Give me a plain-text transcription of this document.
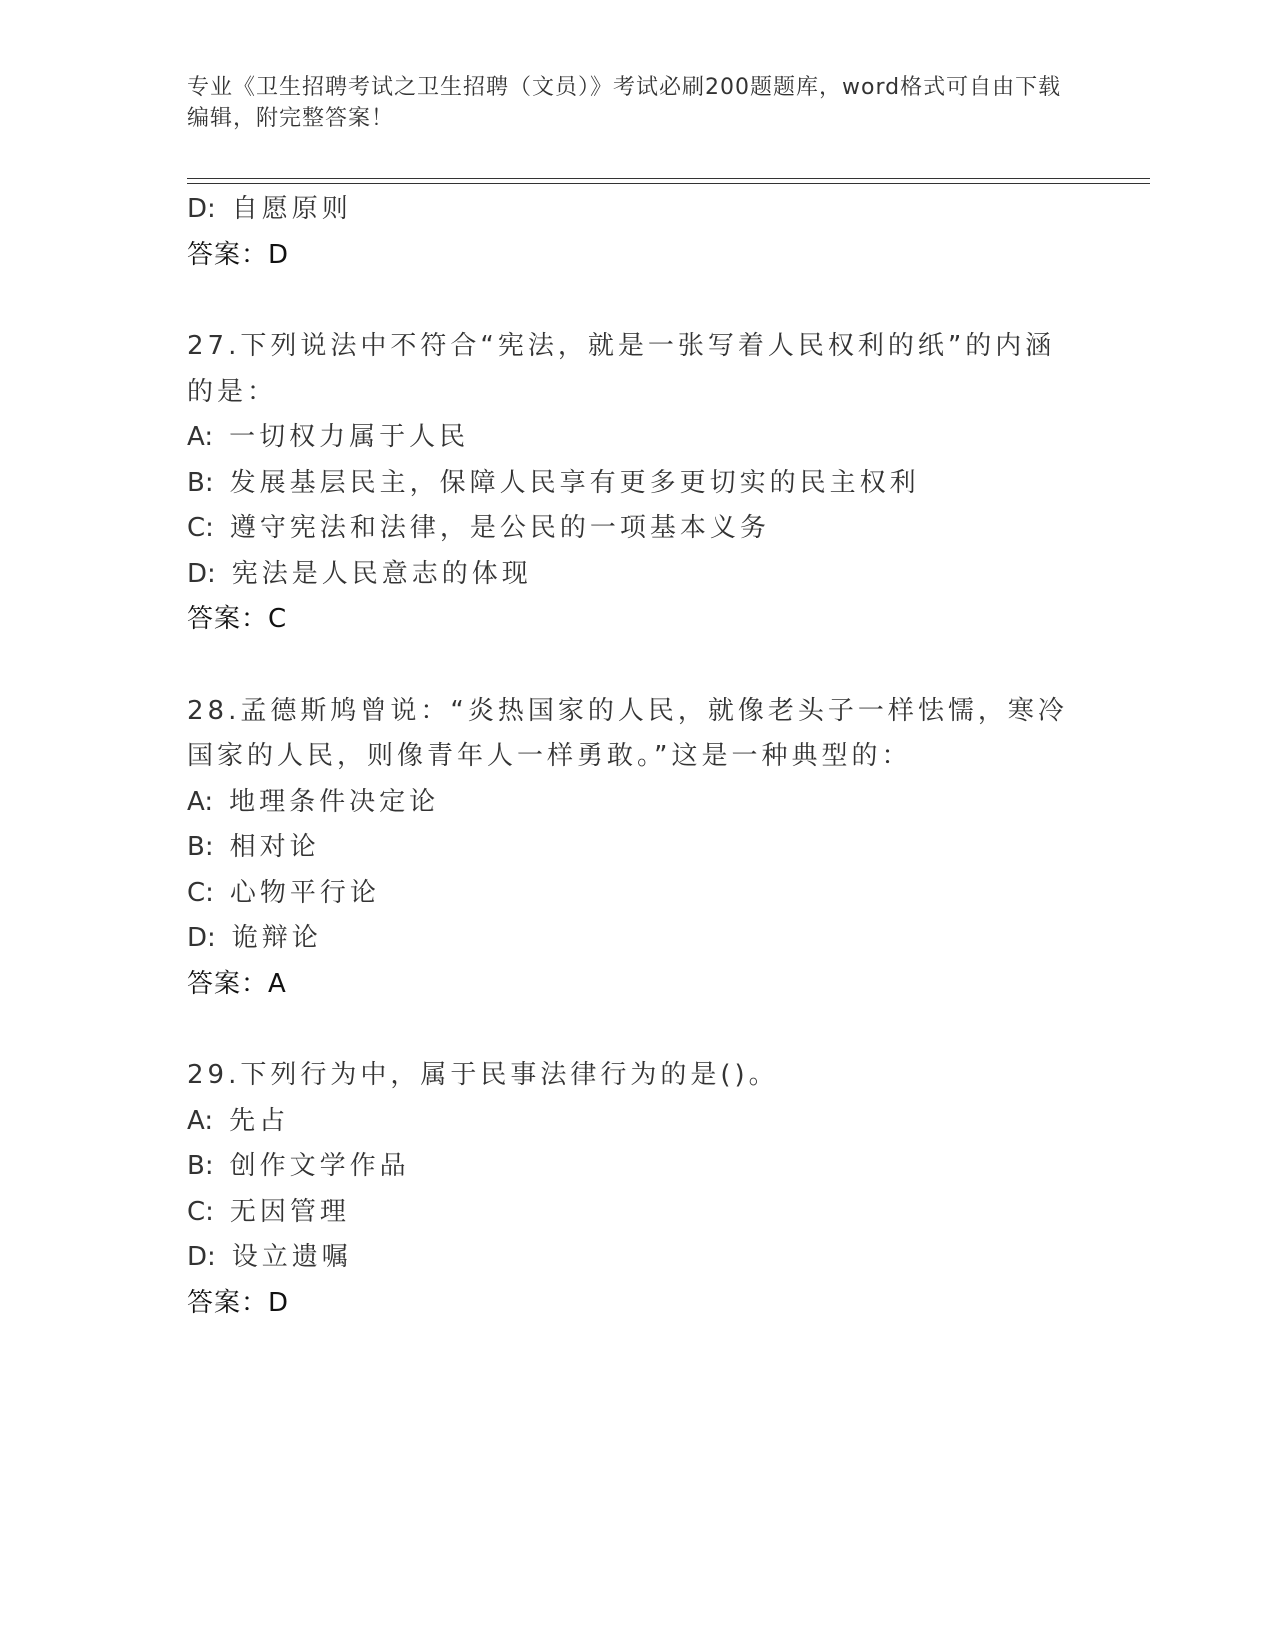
专业《卫生招聘考试之卫生招聘（文员）》考试必刷200题题库，word格式可自由下载编辑，附完整答案！
D: 自愿原则
答案：D
27.下列说法中不符合“宪法，就是一张写着人民权利的纸”的内涵的是：
A: 一切权力属于人民
B: 发展基层民主，保障人民享有更多更切实的民主权利
C: 遵守宪法和法律，是公民的一项基本义务
D: 宪法是人民意志的体现
答案：C
28.孟德斯鸠曾说：“炎热国家的人民，就像老头子一样怯懦，寒冷国家的人民，则像青年人一样勇敢。”这是一种典型的：
A: 地理条件决定论
B: 相对论
C: 心物平行论
D: 诡辩论
答案：A
29.下列行为中，属于民事法律行为的是()。
A: 先占
B: 创作文学作品
C: 无因管理
D: 设立遗嘱
答案：D
